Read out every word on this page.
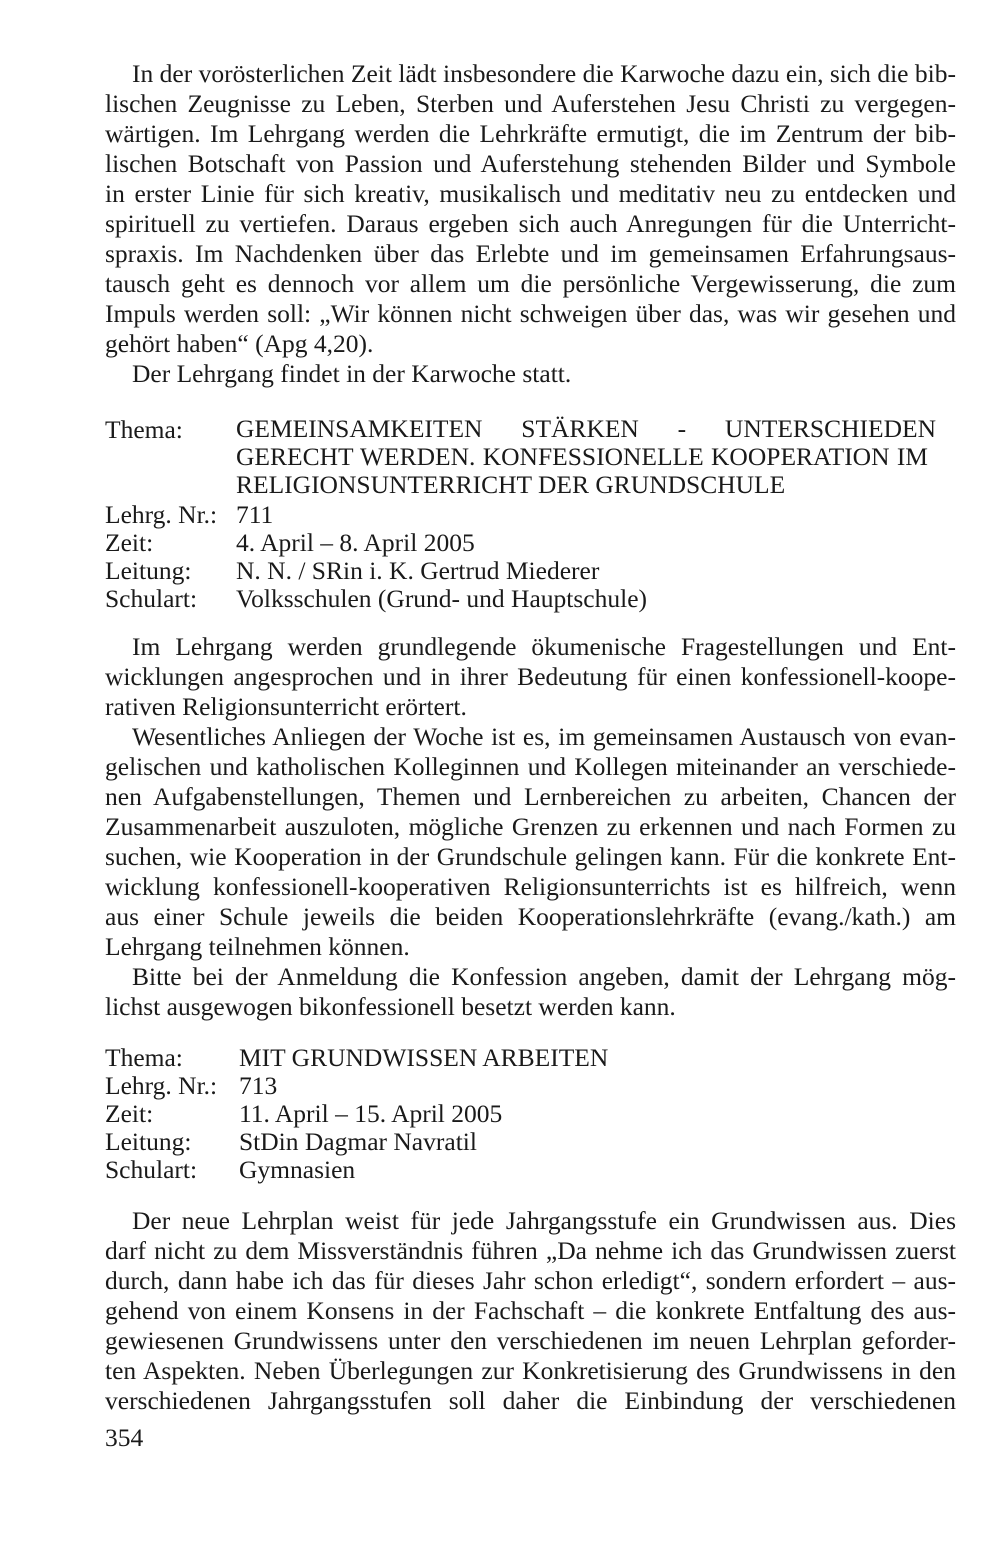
In der vorösterlichen Zeit lädt insbesondere die Karwoche dazu ein, sich die bib-
lischen Zeugnisse zu Leben, Sterben und Auferstehen Jesu Christi zu vergegen-
wärtigen. Im Lehrgang werden die Lehrkräfte ermutigt, die im Zentrum der bib-
lischen Botschaft von Passion und Auferstehung stehenden Bilder und Symbole
in erster Linie für sich kreativ, musikalisch und meditativ neu zu entdecken und
spirituell zu vertiefen. Daraus ergeben sich auch Anregungen für die Unterricht-
spraxis. Im Nachdenken über das Erlebte und im gemeinsamen Erfahrungsaus-
tausch geht es dennoch vor allem um die persönliche Vergewisserung, die zum
Impuls werden soll: „Wir können nicht schweigen über das, was wir gesehen und
gehört haben“ (Apg 4,20).
Der Lehrgang findet in der Karwoche statt.
Thema: GEMEINSAMKEITEN STÄRKEN - UNTERSCHIEDEN
GERECHT WERDEN. KONFESSIONELLE KOOPERATION IM
RELIGIONSUNTERRICHT DER GRUNDSCHULE
Lehrg. Nr.: 711
Zeit:	4. April – 8. April 2005
Leitung: N. N. / SRin i. K. Gertrud Miederer
Schulart: Volksschulen (Grund- und Hauptschule)
Im Lehrgang werden grundlegende ökumenische Fragestellungen und Ent-
wicklungen angesprochen und in ihrer Bedeutung für einen konfessionell-koope-
rativen Religionsunterricht erörtert.
Wesentliches Anliegen der Woche ist es, im gemeinsamen Austausch von evan-
gelischen und katholischen Kolleginnen und Kollegen miteinander an verschiede-
nen Aufgabenstellungen, Themen und Lernbereichen zu arbeiten, Chancen der
Zusammenarbeit auszuloten, mögliche Grenzen zu erkennen und nach Formen zu
suchen, wie Kooperation in der Grundschule gelingen kann. Für die konkrete Ent-
wicklung konfessionell-kooperativen Religionsunterrichts ist es hilfreich, wenn
aus einer Schule jeweils die beiden Kooperationslehrkräfte (evang./kath.) am
Lehrgang teilnehmen können.
Bitte bei der Anmeldung die Konfession angeben, damit der Lehrgang mög-
lichst ausgewogen bikonfessionell besetzt werden kann.
Thema: MIT GRUNDWISSEN ARBEITEN
Lehrg. Nr.: 713
Zeit:	11. April – 15. April 2005
Leitung: StDin Dagmar Navratil
Schulart: Gymnasien
Der neue Lehrplan weist für jede Jahrgangsstufe ein Grundwissen aus. Dies
darf nicht zu dem Missverständnis führen „Da nehme ich das Grundwissen zuerst
durch, dann habe ich das für dieses Jahr schon erledigt“, sondern erfordert – aus-
gehend von einem Konsens in der Fachschaft – die konkrete Entfaltung des aus-
gewiesenen Grundwissens unter den verschiedenen im neuen Lehrplan geforder-
ten Aspekten. Neben Überlegungen zur Konkretisierung des Grundwissens in den
verschiedenen Jahrgangsstufen soll daher die Einbindung der verschiedenen
354
